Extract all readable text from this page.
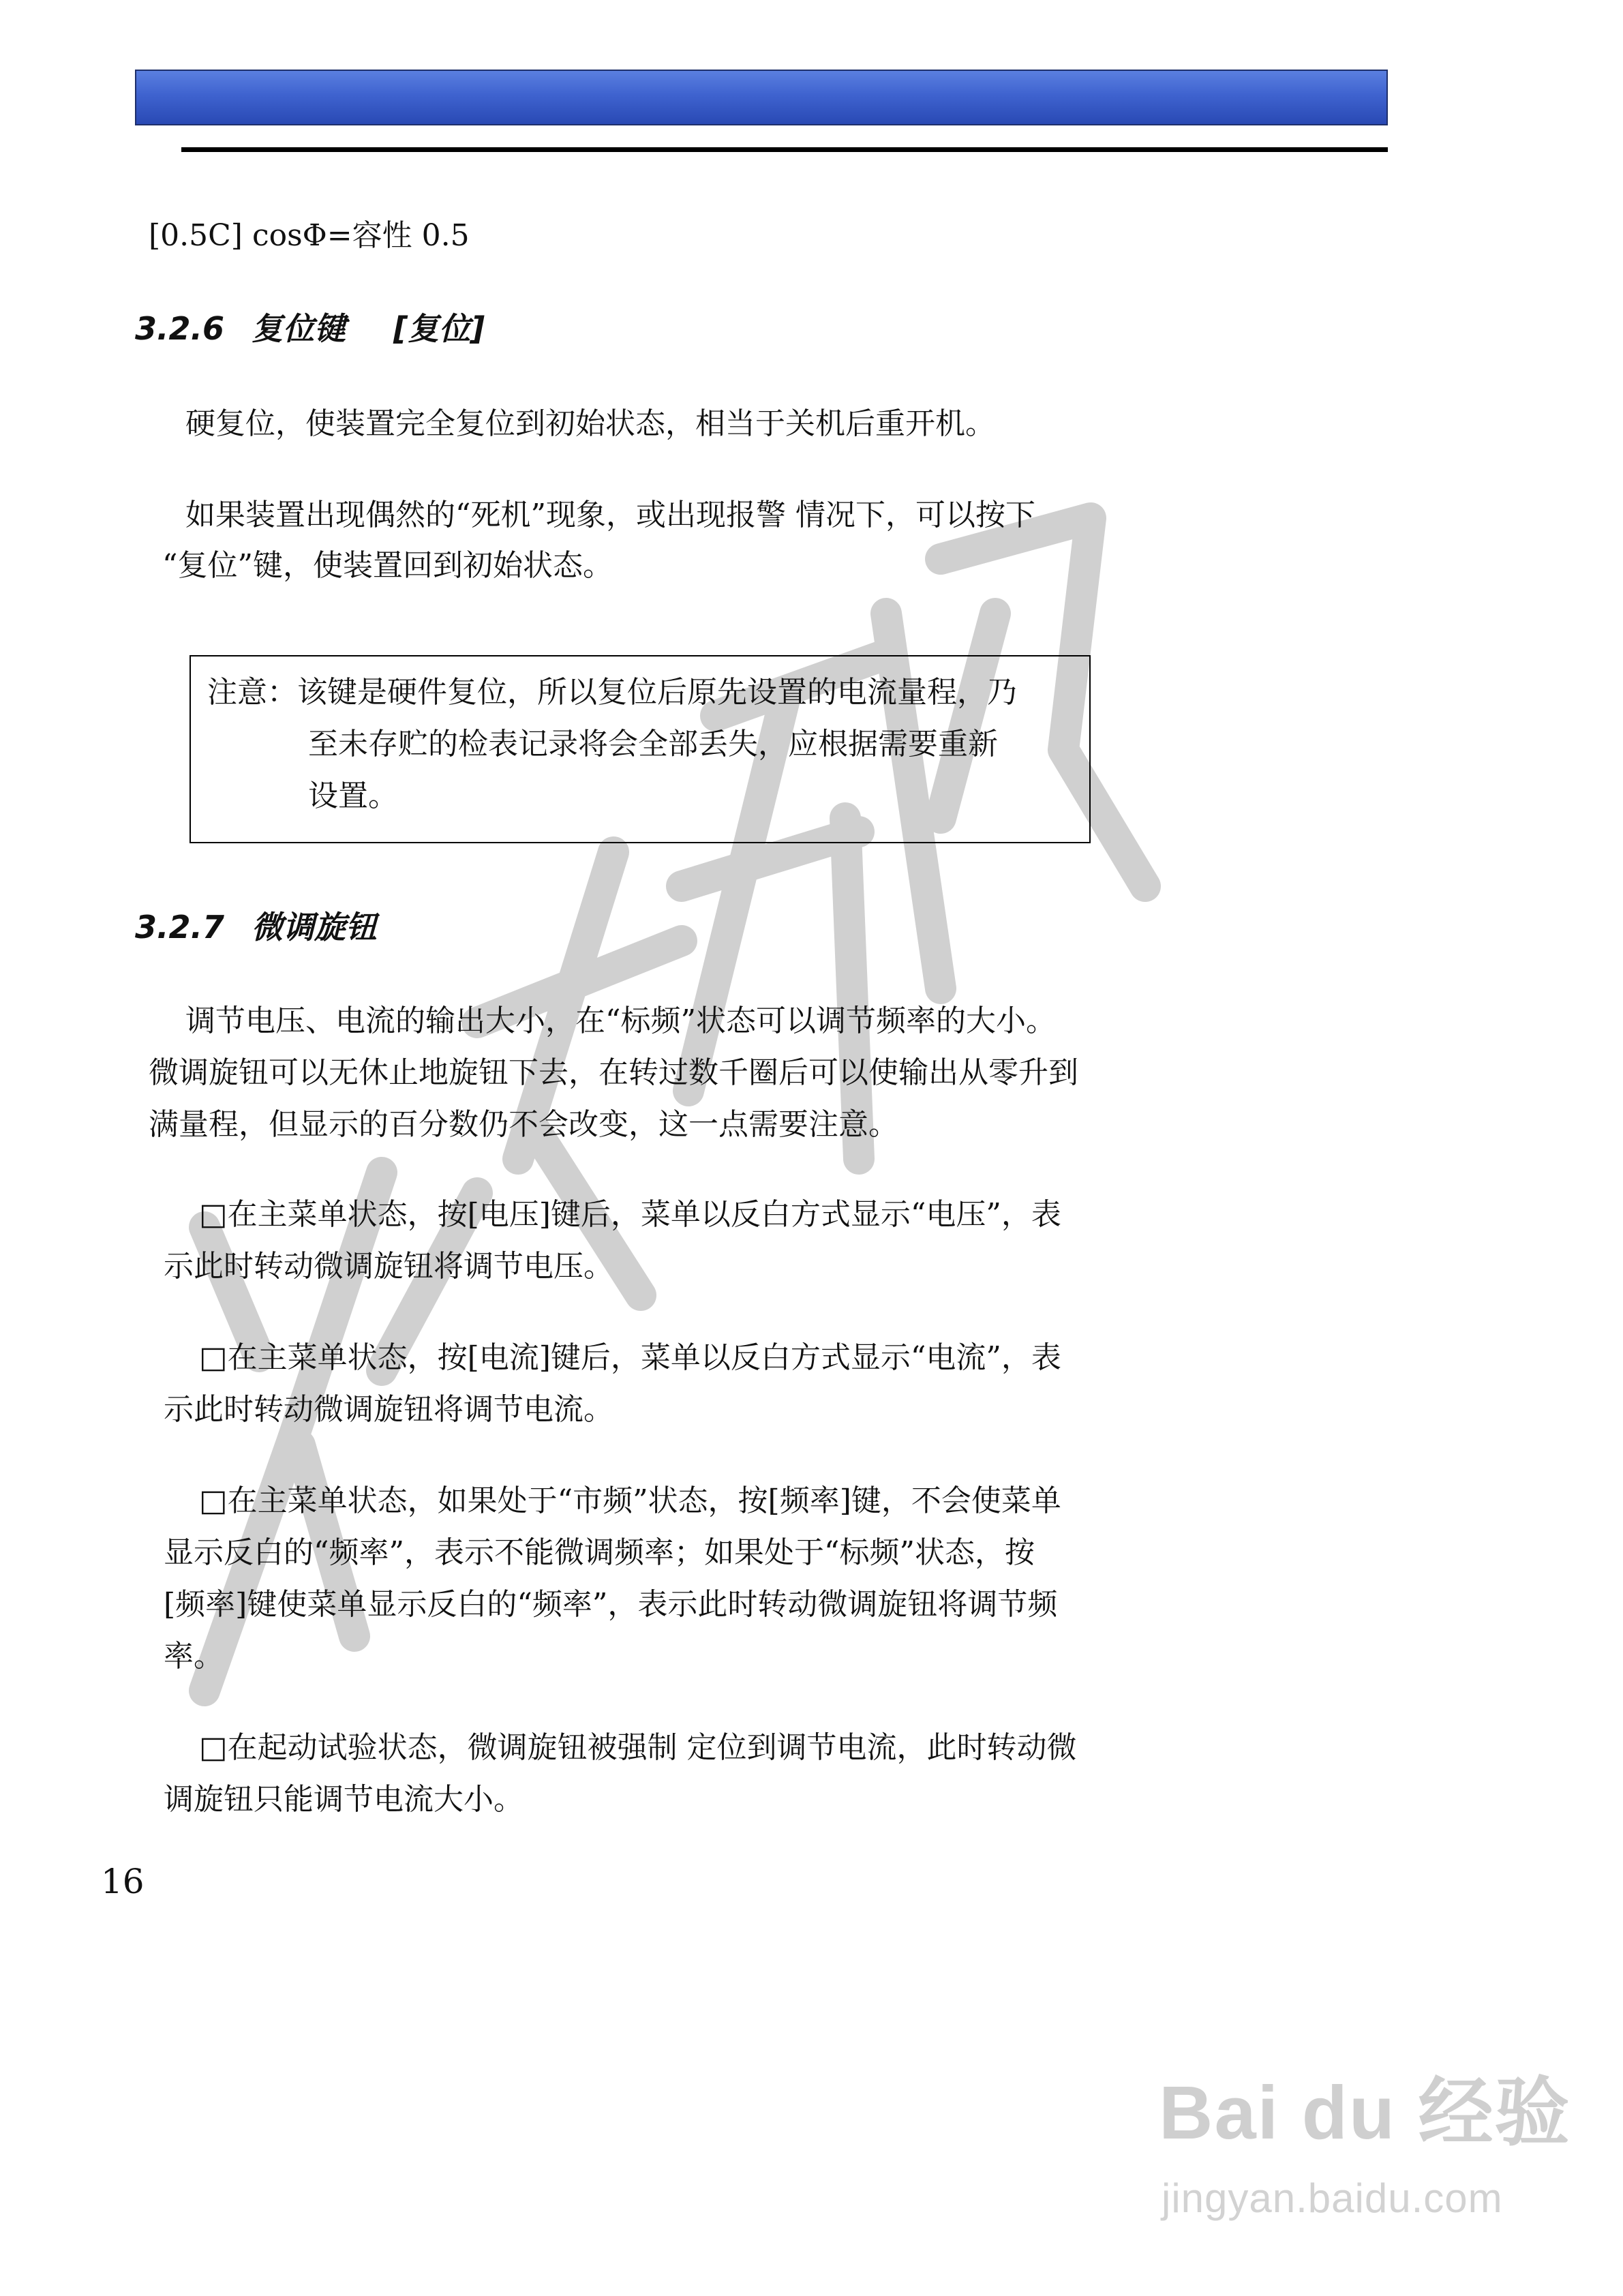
[0.5C] cosΦ=容性 0.5
3.2.6 复位键 [复位]
硬复位，使装置完全复位到初始状态，相当于关机后重开机。
如果装置出现偶然的“死机”现象，或出现报警 情况下，可以按下
“复位”键，使装置回到初始状态。
注意：该键是硬件复位，所以复位后原先设置的电流量程，乃
至未存贮的检表记录将会全部丢失，应根据需要重新
设置。
3.2.7 微调旋钮
调节电压、电流的输出大小，在“标频”状态可以调节频率的大小。
微调旋钮可以无休止地旋钮下去，在转过数千圈后可以使输出从零升到
满量程，但显示的百分数仍不会改变，这一点需要注意。
□在主菜单状态，按[电压]键后，菜单以反白方式显示“电压”，表
示此时转动微调旋钮将调节电压。
□在主菜单状态，按[电流]键后，菜单以反白方式显示“电流”，表
示此时转动微调旋钮将调节电流。
□在主菜单状态，如果处于“市频”状态，按[频率]键，不会使菜单
显示反白的“频率”，表示不能微调频率；如果处于“标频”状态，按
[频率]键使菜单显示反白的“频率”，表示此时转动微调旋钮将调节频
率。
□在起动试验状态，微调旋钮被强制 定位到调节电流，此时转动微
调旋钮只能调节电流大小。
16
Bai du 经验
jingyan.baidu.com
